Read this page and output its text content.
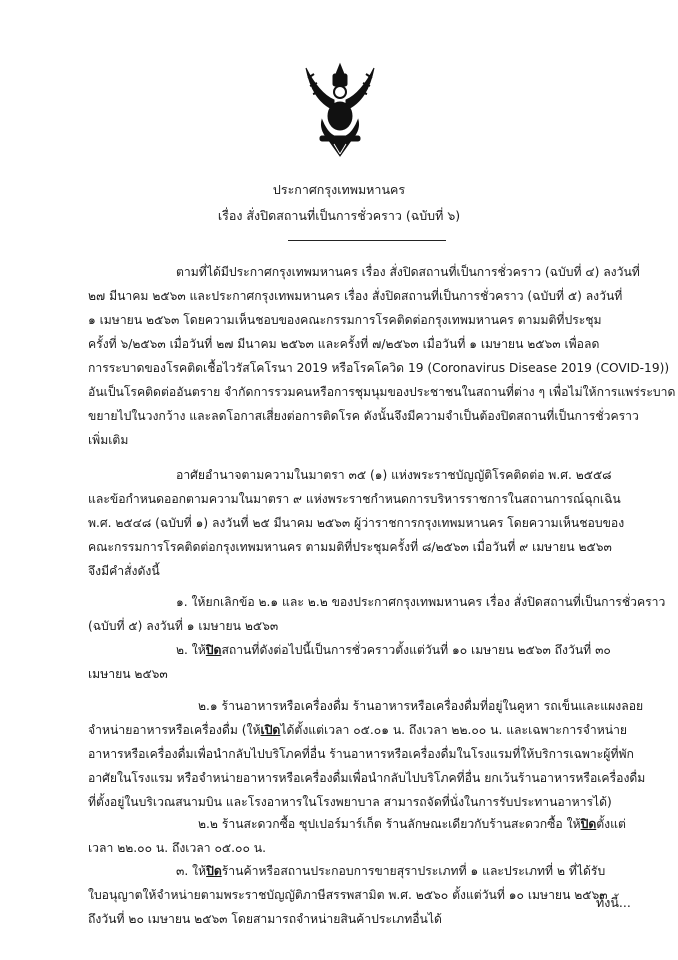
ประกาศกรุงเทพมหานคร
เรื่อง สั่งปิดสถานที่เป็นการชั่วคราว (ฉบับที่ ๖)
ตามที่ได้มีประกาศกรุงเทพมหานคร เรื่อง สั่งปิดสถานที่เป็นการชั่วคราว (ฉบับที่ ๔) ลงวันที่
๒๗ มีนาคม ๒๕๖๓ และประกาศกรุงเทพมหานคร เรื่อง สั่งปิดสถานที่เป็นการชั่วคราว (ฉบับที่ ๕) ลงวันที่
๑ เมษายน ๒๕๖๓ โดยความเห็นชอบของคณะกรรมการโรคติดต่อกรุงเทพมหานคร ตามมติที่ประชุม
ครั้งที่ ๖/๒๕๖๓ เมื่อวันที่ ๒๗ มีนาคม ๒๕๖๓ และครั้งที่ ๗/๒๕๖๓ เมื่อวันที่ ๑ เมษายน ๒๕๖๓ เพื่อลด
การระบาดของโรคติดเชื้อไวรัสโคโรนา 2019 หรือโรคโควิด 19 (Coronavirus Disease 2019 (COVID-19))
อันเป็นโรคติดต่ออันตราย จำกัดการรวมคนหรือการชุมนุมของประชาชนในสถานที่ต่าง ๆ เพื่อไม่ให้การแพร่ระบาด
ขยายไปในวงกว้าง และลดโอกาสเสี่ยงต่อการติดโรค ดังนั้นจึงมีความจำเป็นต้องปิดสถานที่เป็นการชั่วคราว
เพิ่มเติม
อาศัยอำนาจตามความในมาตรา ๓๕ (๑) แห่งพระราชบัญญัติโรคติดต่อ พ.ศ. ๒๕๕๘
และข้อกำหนดออกตามความในมาตรา ๙ แห่งพระราชกำหนดการบริหารราชการในสถานการณ์ฉุกเฉิน
พ.ศ. ๒๕๔๘ (ฉบับที่ ๑) ลงวันที่ ๒๕ มีนาคม ๒๕๖๓ ผู้ว่าราชการกรุงเทพมหานคร โดยความเห็นชอบของ
คณะกรรมการโรคติดต่อกรุงเทพมหานคร ตามมติที่ประชุมครั้งที่ ๘/๒๕๖๓ เมื่อวันที่ ๙ เมษายน ๒๕๖๓
จึงมีคำสั่งดังนี้
๑. ให้ยกเลิกข้อ ๒.๑ และ ๒.๒ ของประกาศกรุงเทพมหานคร เรื่อง สั่งปิดสถานที่เป็นการชั่วคราว
(ฉบับที่ ๕) ลงวันที่ ๑ เมษายน ๒๕๖๓
๒. ให้ปิดสถานที่ดังต่อไปนี้เป็นการชั่วคราวตั้งแต่วันที่ ๑๐ เมษายน ๒๕๖๓ ถึงวันที่ ๓๐
เมษายน ๒๕๖๓
๒.๑ ร้านอาหารหรือเครื่องดื่ม ร้านอาหารหรือเครื่องดื่มที่อยู่ในคูหา รถเข็นและแผงลอย
จำหน่ายอาหารหรือเครื่องดื่ม (ให้เปิดได้ตั้งแต่เวลา ๐๕.๐๑ น. ถึงเวลา ๒๒.๐๐ น. และเฉพาะการจำหน่าย
อาหารหรือเครื่องดื่มเพื่อนำกลับไปบริโภคที่อื่น ร้านอาหารหรือเครื่องดื่มในโรงแรมที่ให้บริการเฉพาะผู้ที่พัก
อาศัยในโรงแรม หรือจำหน่ายอาหารหรือเครื่องดื่มเพื่อนำกลับไปบริโภคที่อื่น ยกเว้นร้านอาหารหรือเครื่องดื่ม
ที่ตั้งอยู่ในบริเวณสนามบิน และโรงอาหารในโรงพยาบาล สามารถจัดที่นั่งในการรับประทานอาหารได้)
๒.๒ ร้านสะดวกซื้อ ซุปเปอร์มาร์เก็ต ร้านลักษณะเดียวกับร้านสะดวกซื้อ ให้ปิดตั้งแต่
เวลา ๒๒.๐๐ น. ถึงเวลา ๐๕.๐๐ น.
๓. ให้ปิดร้านค้าหรือสถานประกอบการขายสุราประเภทที่ ๑ และประเภทที่ ๒ ที่ได้รับ
ใบอนุญาตให้จำหน่ายตามพระราชบัญญัติภาษีสรรพสามิต พ.ศ. ๒๕๖๐ ตั้งแต่วันที่ ๑๐ เมษายน ๒๕๖๓
ถึงวันที่ ๒๐ เมษายน ๒๕๖๓ โดยสามารถจำหน่ายสินค้าประเภทอื่นได้
ทั้งนี้...
